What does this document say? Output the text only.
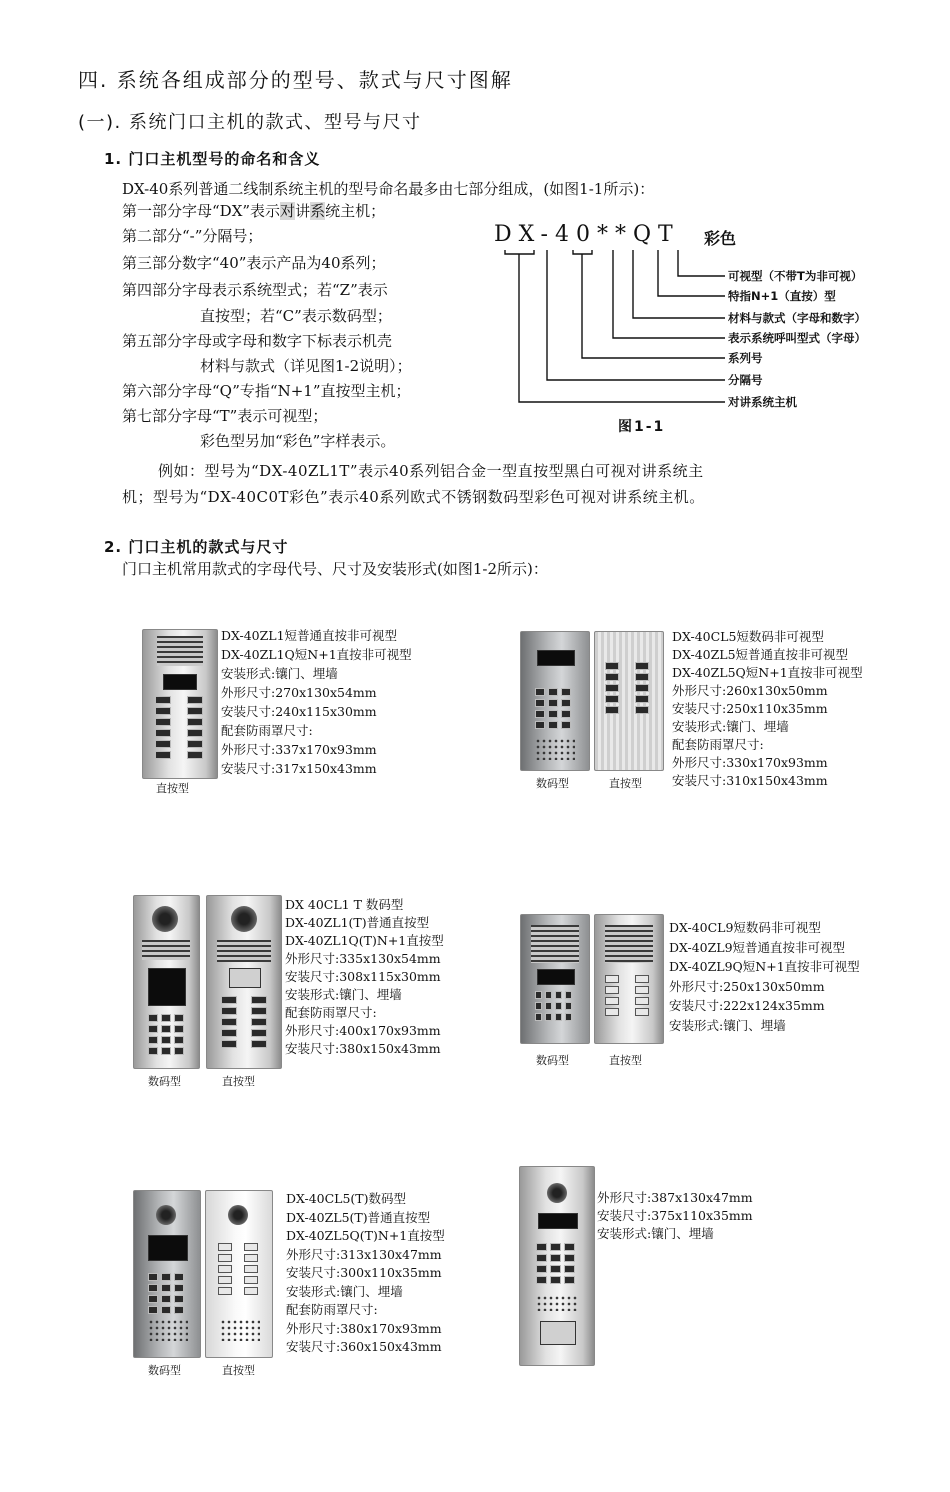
四. 系统各组成部分的型号、款式与尺寸图解
(一). 系统门口主机的款式、型号与尺寸
1. 门口主机型号的命名和含义
DX-40系列普通二线制系统主机的型号命名最多由七部分组成，(如图1-1所示)：
第一部分字母“DX”表示对讲系统主机；
第二部分“-”分隔号；
第三部分数字“40”表示产品为40系列；
第四部分字母表示系统型式；若“Z”表示
直按型；若“C”表示数码型；
第五部分字母或字母和数字下标表示机壳
材料与款式（详见图1-2说明）；
第六部分字母“Q”专指“N+1”直按型主机；
第七部分字母“T”表示可视型；
彩色型另加“彩色”字样表示。
DX-40**QT 彩色
可视型（不带T为非可视）
特指N+1（直按）型
材料与款式（字母和数字）
表示系统呼叫型式（字母）
系列号
分隔号
对讲系统主机
图1-1
例如：型号为“DX-40ZL1T”表示40系列铝合金一型直按型黑白可视对讲系统主
机；型号为“DX-40C0T彩色”表示40系列欧式不锈钢数码型彩色可视对讲系统主机。
2. 门口主机的款式与尺寸
门口主机常用款式的字母代号、尺寸及安装形式(如图1-2所示)：
直按型
DX-40ZL1短普通直按非可视型
DX-40ZL1Q短N+1直按非可视型
安装形式:镶门、埋墙
外形尺寸:270x130x54mm
安装尺寸:240x115x30mm
配套防雨罩尺寸:
外形尺寸:337x170x93mm
安装尺寸:317x150x43mm
数码型	直按型
DX-40CL5短数码非可视型
DX-40ZL5短普通直按非可视型
DX-40ZL5Q短N+1直按非可视型
外形尺寸:260x130x50mm
安装尺寸:250x110x35mm
安装形式:镶门、埋墙
配套防雨罩尺寸:
外形尺寸:330x170x93mm
安装尺寸:310x150x43mm
数码型	直按型
DX 40CL1 T 数码型
DX-40ZL1(T)普通直按型
DX-40ZL1Q(T)N+1直按型
外形尺寸:335x130x54mm
安装尺寸:308x115x30mm
安装形式:镶门、埋墙
配套防雨罩尺寸:
外形尺寸:400x170x93mm
安装尺寸:380x150x43mm
数码型	直按型
DX-40CL9短数码非可视型
DX-40ZL9短普通直按非可视型
DX-40ZL9Q短N+1直按非可视型
外形尺寸:250x130x50mm
安装尺寸:222x124x35mm
安装形式:镶门、埋墙
数码型	直按型
DX-40CL5(T)数码型
DX-40ZL5(T)普通直按型
DX-40ZL5Q(T)N+1直按型
外形尺寸:313x130x47mm
安装尺寸:300x110x35mm
安装形式:镶门、埋墙
配套防雨罩尺寸:
外形尺寸:380x170x93mm
安装尺寸:360x150x43mm
外形尺寸:387x130x47mm
安装尺寸:375x110x35mm
安装形式:镶门、埋墙
